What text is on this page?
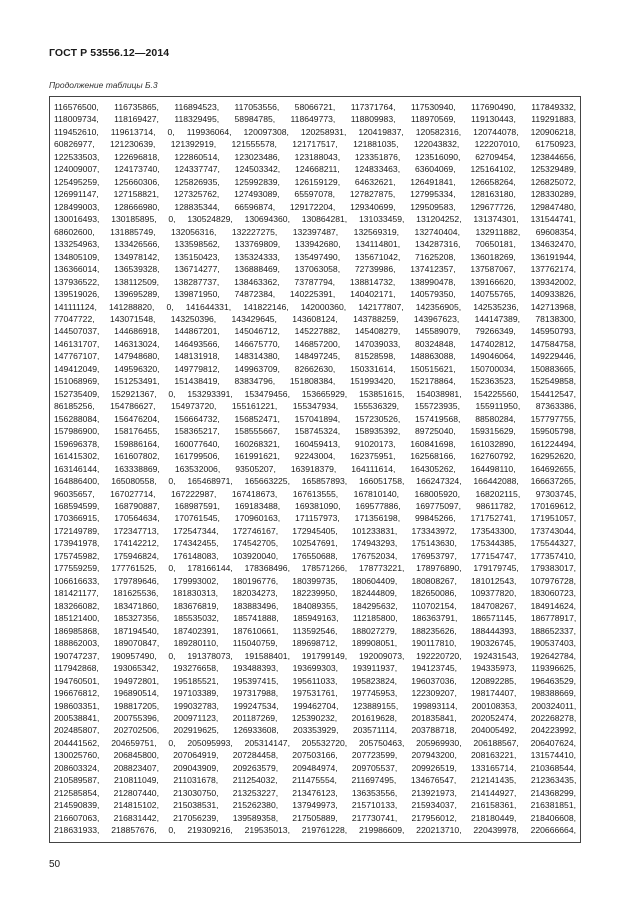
ГОСТ Р 53556.12—2014
Продолжение таблицы Б.3
116576500, 116735865, 116894523, 117053556, 58066721, 117371764, 117530940, 117690490, 117849332,
118009734, 118169427, 118329495, 58984785, 118649773, 118809983, 118970569, 119130443, 119291883,
119452610, 119613714, 0, 119936064, 120097308, 120258931, 120419837, 120582316, 120744078, 120906218,
60826977, 121230639, 121392919, 121555578, 121717517, 121881035, 122043832, 122207010, 61750923,
122533503, 122696818, 122860514, 123023486, 123188043, 123351876, 123516090, 62709454, 123844656,
124009007, 124173740, 124337747, 124503342, 124668211, 124833463, 63604069, 125164102, 125329489,
125495259, 125660306, 125826935, 125992839, 126159129, 64632621, 126491841, 126658264, 126825072,
126991147, 127158821, 127325762, 127493089, 65597078, 127827875, 127995334, 128163180, 128330289,
128499003, 128666980, 128835344, 66596874, 129172204, 129340699, 129509583, 129677726, 129847480,
130016493, 130185895, 0, 130524829, 130694360, 130864281, 131033459, 131204252, 131374301, 131544741,
68602600, 131885749, 132056316, 132227275, 132397487, 132569319, 132740404, 132911882, 69608354,
133254963, 133426566, 133598562, 133769809, 133942680, 134114801, 134287316, 70650181, 134632470,
134805109, 134978142, 135150423, 135324333, 135497490, 135671042, 71625208, 136018269, 136191944,
136366014, 136539328, 136714277, 136888469, 137063058, 72739986, 137412357, 137587067, 137762174,
137936522, 138112509, 138287737, 138463362, 73787794, 138814732, 138990478, 139166620, 139342002,
139519026, 139695289, 139871950, 74872384, 140225391, 140402171, 140579350, 140755765, 140933826,
141111124, 141288820, 0, 141644331, 141822146, 142000360, 142177807, 142356905, 142535236, 142713968,
77047722, 143071548, 143250396, 143429645, 143608124, 143788259, 143967623, 144147389, 78138300,
144507037, 144686918, 144867201, 145046712, 145227882, 145408279, 145589079, 79266349, 145950793,
146131707, 146313024, 146493566, 146675770, 146857200, 147039033, 80324848, 147402812, 147584758,
147767107, 147948680, 148131918, 148314380, 148497245, 81528598, 148863088, 149046064, 149229446,
149412049, 149596320, 149779812, 149963709, 82662630, 150331614, 150515621, 150700034, 150883665,
151068969, 151253491, 151438419, 83834796, 151808384, 151993420, 152178864, 152363523, 152549858,
152735409, 152921367, 0, 153293391, 153479456, 153665929, 153851615, 154038981, 154225560, 154412547,
86185256, 154786627, 154973720, 155161221, 155347934, 155536329, 155723935, 155911950, 87363386,
156288084, 156476204, 156664732, 156852471, 157041894, 157230526, 157419568, 88580284, 157797755,
157986900, 158176455, 158365217, 158555667, 158745324, 158935392, 89725040, 159315629, 159505798,
159696378, 159886164, 160077640, 160268321, 160459413, 91020173, 160841698, 161032890, 161224494,
161415302, 161607802, 161799506, 161991621, 92243004, 162375951, 162568166, 162760792, 162952620,
163146144, 163338869, 163532006, 93505207, 163918379, 164111614, 164305262, 164498110, 164692655,
164886400, 165080558, 0, 165468971, 165663225, 165857893, 166051758, 166247324, 166442088, 166637265,
96035657, 167027714, 167222987, 167418673, 167613555, 167810140, 168005920, 168202115, 97303745,
168594599, 168790887, 168987591, 169183488, 169381090, 169577886, 169775097, 98611782, 170169612,
170366915, 170564634, 170761545, 170960163, 171157973, 171356198, 99845266, 171752741, 171951057,
172149789, 172347713, 172547344, 172746167, 172945405, 101233831, 173343972, 173543300, 173743044,
173941978, 174142212, 174342455, 174542705, 102547691, 174943293, 175143630, 175344385, 175544327,
175745982, 175946824, 176148083, 103920040, 176550688, 176752034, 176953797, 177154747, 177357410,
177559259, 177761525, 0, 178166144, 178368496, 178571266, 178773221, 178976890, 179179745, 179383017,
106616633, 179789646, 179993002, 180196776, 180399735, 180604409, 180808267, 181012543, 107976728,
181421177, 181625536, 181830313, 182034273, 182239950, 182444809, 182650086, 109377820, 183060723,
183266082, 183471860, 183676819, 183883496, 184089355, 184295632, 110702154, 184708267, 184914624,
185121400, 185327356, 185535032, 185741888, 185949163, 112185800, 186363791, 186571145, 186778917,
186985868, 187194540, 187402391, 187610661, 113592546, 188027279, 188235626, 188444393, 188652337,
188862003, 189070847, 189280110, 115040759, 189698712, 189908051, 190117810, 190326745, 190537403,
190747237, 190957490, 0, 191378073, 191588401, 191799149, 192009073, 192220720, 192431543, 192642784,
117942868, 193065342, 193276658, 193488393, 193699303, 193911937, 194123745, 194335973, 119396625,
194760501, 194972801, 195185521, 195397415, 195611033, 195823824, 196037036, 120892285, 196463529,
196676812, 196890514, 197103389, 197317988, 197531761, 197745953, 122309207, 198174407, 198388669,
198603351, 198817205, 199032783, 199247534, 199462704, 123889155, 199893114, 200108353, 200324011,
200538841, 200755396, 200971123, 201187269, 125390232, 201619628, 201835841, 202052474, 202268278,
202485807, 202702506, 202919625, 126933608, 203353929, 203571114, 203788718, 204005492, 204223992,
204441562, 204659751, 0, 205095993, 205314147, 205532720, 205750463, 205969930, 206188567, 206407624,
130025760, 206845800, 207064919, 207284458, 207503166, 207723599, 207943200, 208163221, 131574410,
208603324, 208823407, 209043909, 209263579, 209484974, 209705537, 209926519, 133165714, 210368544,
210589587, 210811049, 211031678, 211254032, 211475554, 211697495, 134676547, 212141435, 212363435,
212585854, 212807440, 213030750, 213253227, 213476123, 136353556, 213921973, 214144927, 214368299,
214590839, 214815102, 215038531, 215262380, 137949973, 215710133, 215934037, 216158361, 216381851,
216607063, 216831442, 217056239, 139589358, 217505889, 217730741, 217956012, 218180449, 218406608,
218631933, 218857676, 0, 219309216, 219535013, 219761228, 219986609, 220213710, 220439978, 220666664,
50
